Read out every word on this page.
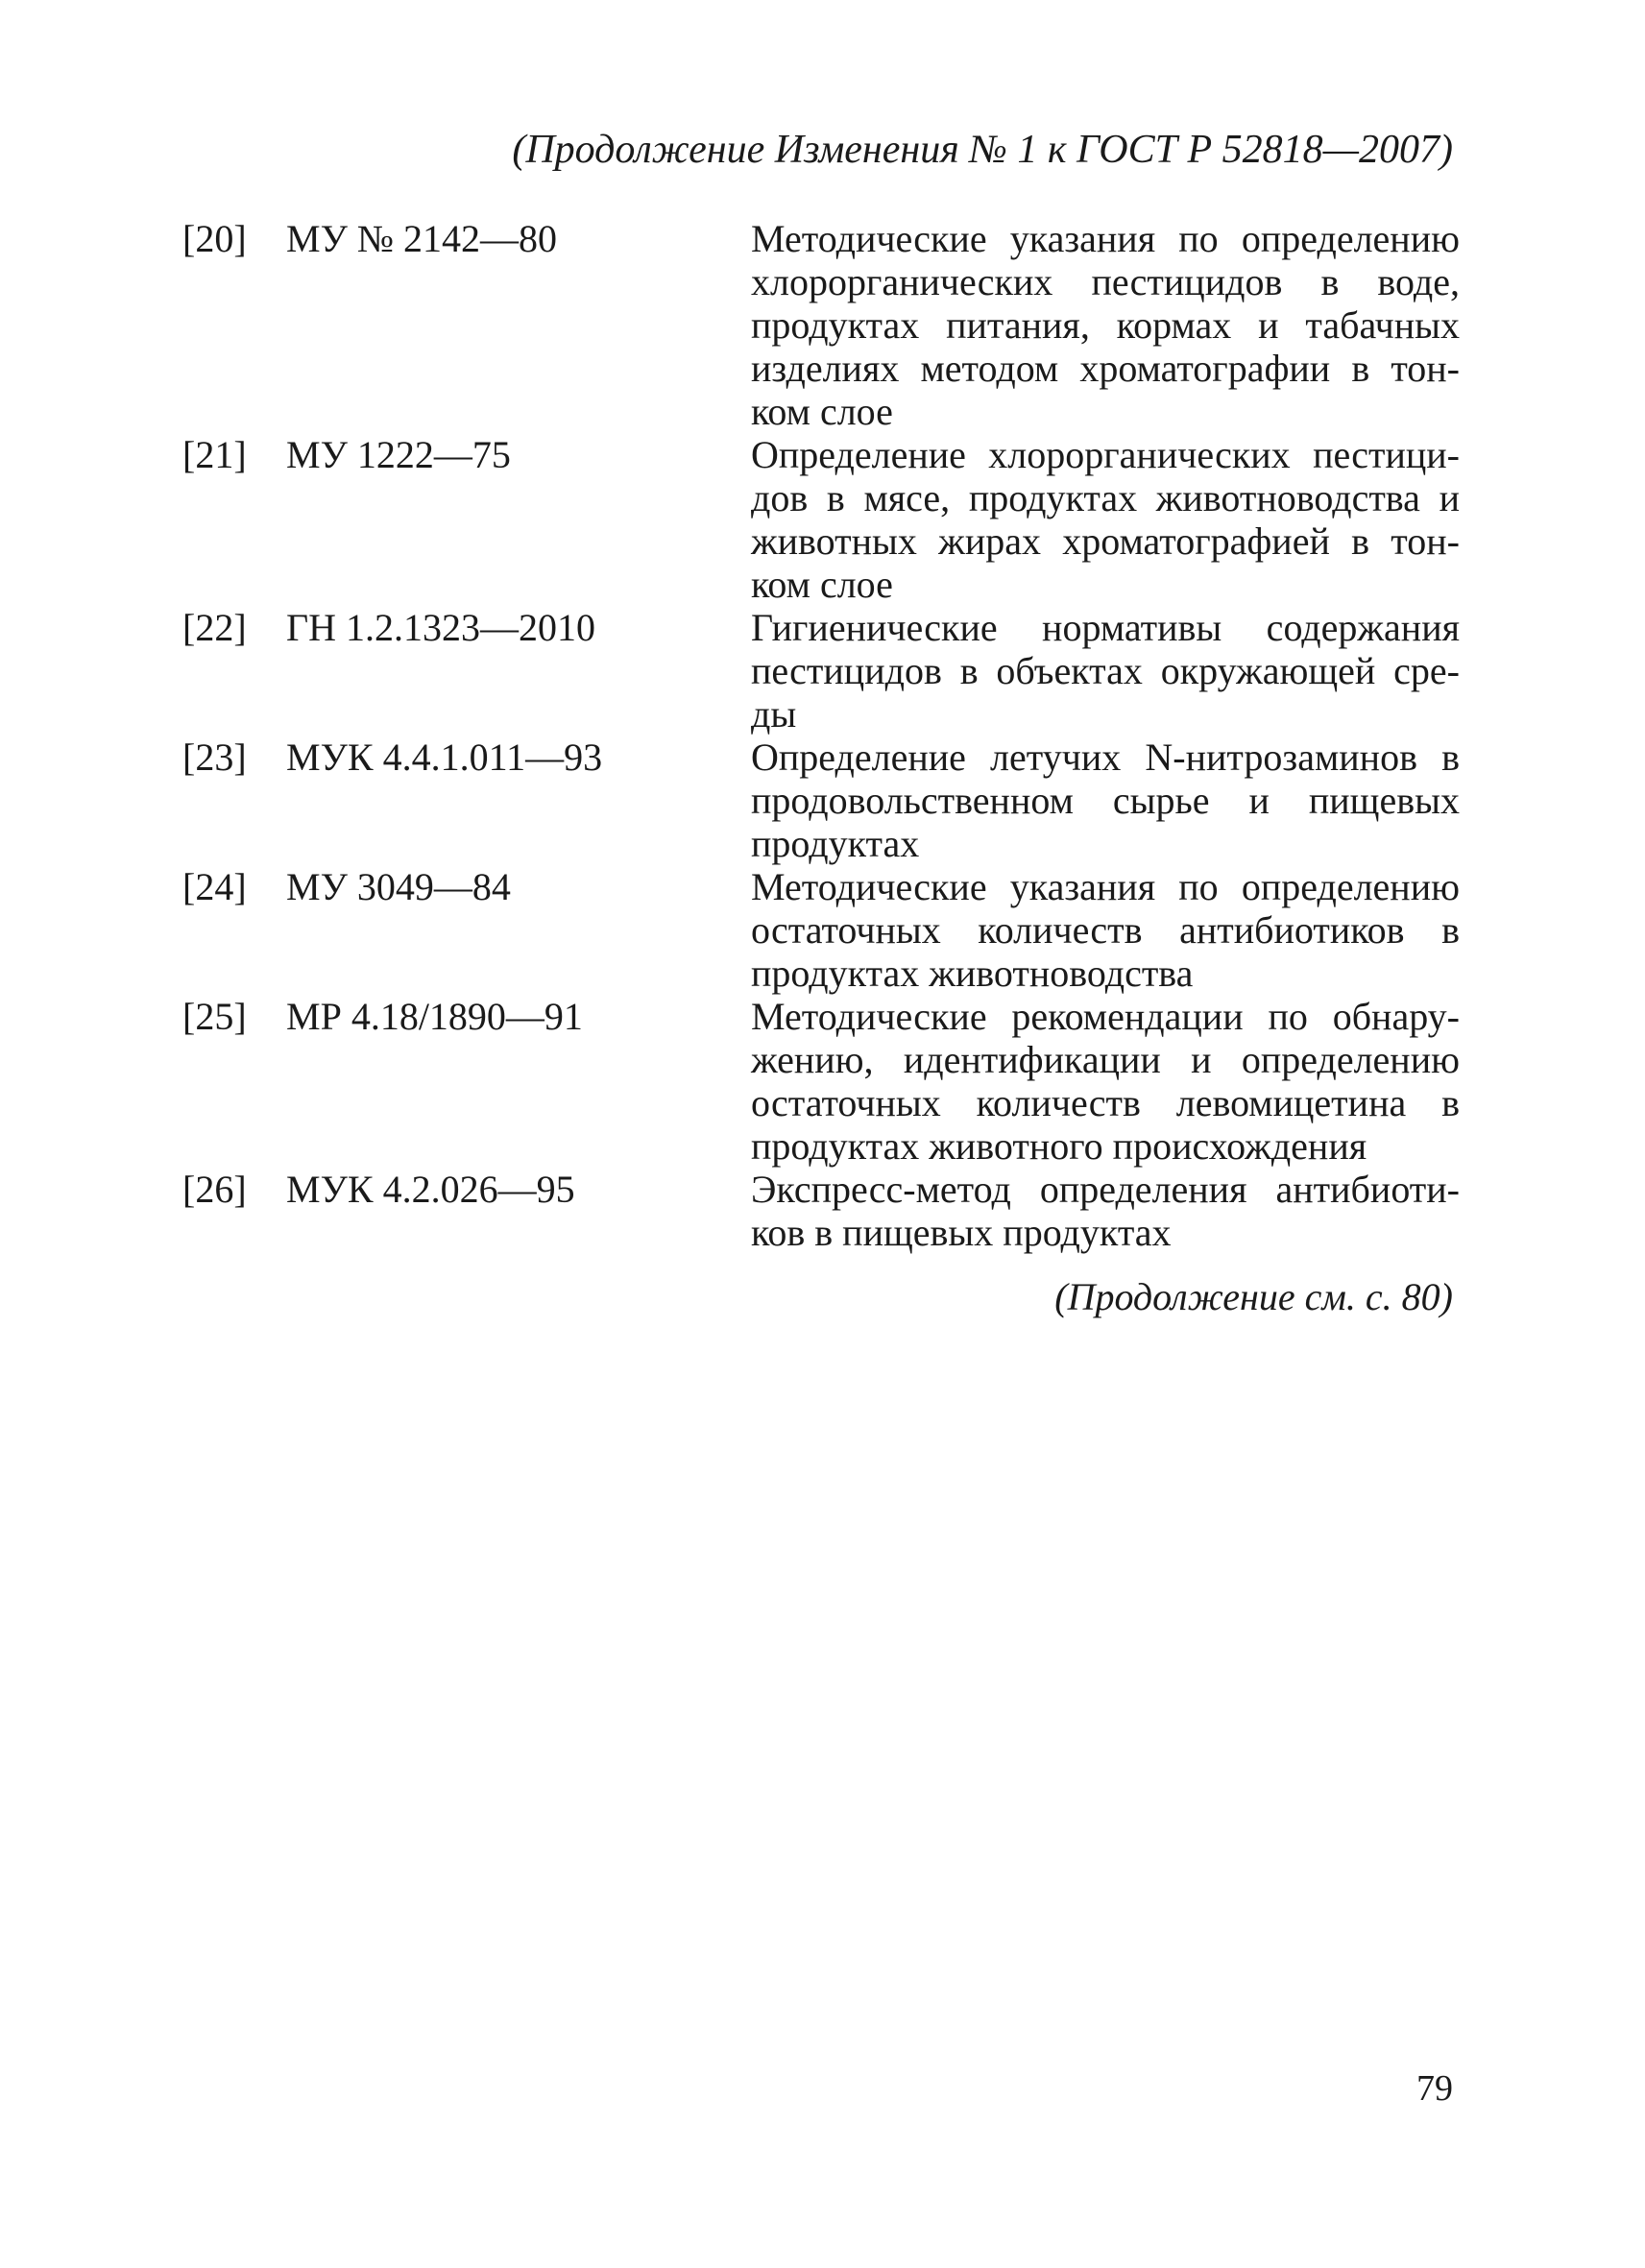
(Продолжение Изменения № 1 к ГОСТ Р 52818—2007)
[20]	МУ № 2142—80	Методические указания по определению
хлорорганических пестицидов в воде,
продуктах питания, кормах и табачных
изделиях методом хроматографии в тон-
ком слое
[21]	МУ 1222—75	Определение хлорорганических пестици-
дов в мясе, продуктах животноводства и
животных жирах хроматографией в тон-
ком слое
[22]	ГН 1.2.1323—2010	Гигиенические нормативы содержания
пестицидов в объектах окружающей сре-
ды
[23]	МУК 4.4.1.011—93	Определение летучих N-нитрозаминов в
продовольственном сырье и пищевых
продуктах
[24]	МУ 3049—84	Методические указания по определению
остаточных количеств антибиотиков в
продуктах животноводства
[25]	МР 4.18/1890—91	Методические рекомендации по обнару-
жению, идентификации и определению
остаточных количеств левомицетина в
продуктах животного происхождения
[26]	МУК 4.2.026—95	Экспресс-метод определения антибиоти-
ков в пищевых продуктах
(Продолжение см. с. 80)
79
